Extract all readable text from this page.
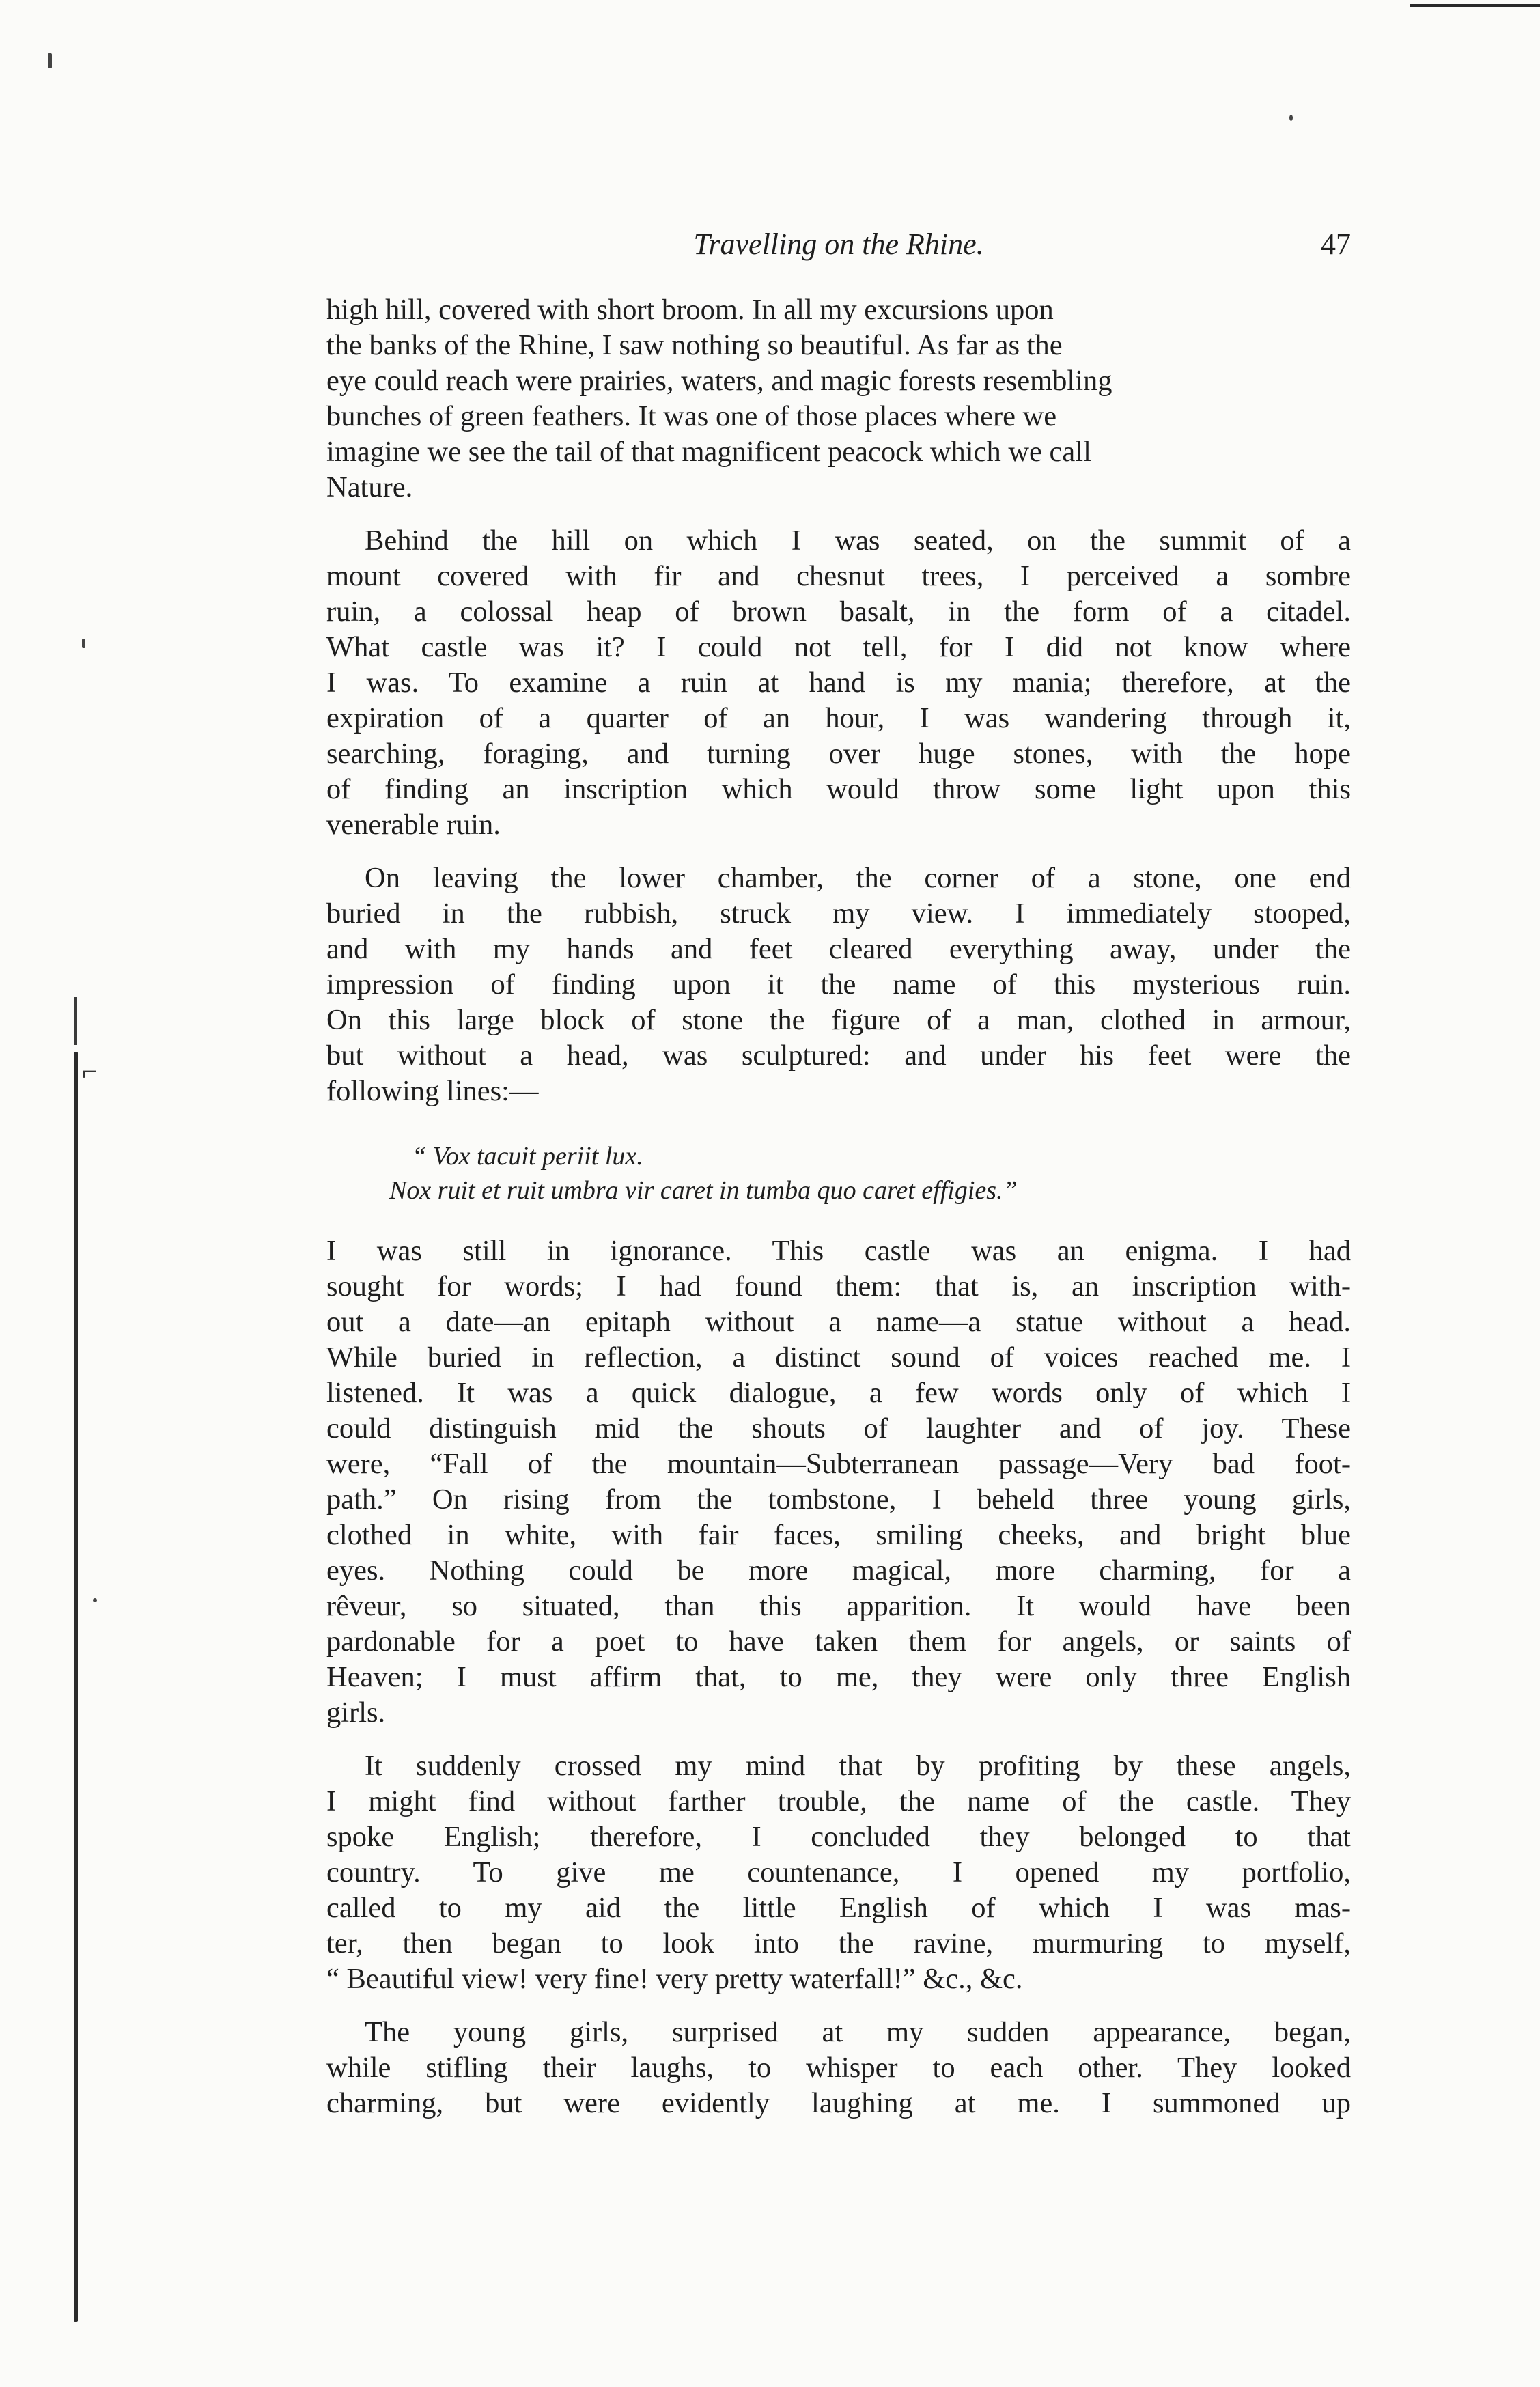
⌐
Travelling on the Rhine.	47
high hill, covered with short broom. In all my excursions upon
the banks of the Rhine, I saw nothing so beautiful. As far as the
eye could reach were prairies, waters, and magic forests resembling
bunches of green feathers. It was one of those places where we
imagine we see the tail of that magnificent peacock which we call
Nature.
Behind the hill on which I was seated, on the summit of a
mount covered with fir and chesnut trees, I perceived a sombre
ruin, a colossal heap of brown basalt, in the form of a citadel.
What castle was it? I could not tell, for I did not know where
I was. To examine a ruin at hand is my mania; therefore, at the
expiration of a quarter of an hour, I was wandering through it,
searching, foraging, and turning over huge stones, with the hope
of finding an inscription which would throw some light upon this
venerable ruin.
On leaving the lower chamber, the corner of a stone, one end
buried in the rubbish, struck my view. I immediately stooped,
and with my hands and feet cleared everything away, under the
impression of finding upon it the name of this mysterious ruin.
On this large block of stone the figure of a man, clothed in armour,
but without a head, was sculptured: and under his feet were the
following lines:—
“ Vox tacuit periit lux.
Nox ruit et ruit umbra vir caret in tumba quo caret effigies.”
I was still in ignorance. This castle was an enigma. I had
sought for words; I had found them: that is, an inscription with-
out a date—an epitaph without a name—a statue without a head.
While buried in reflection, a distinct sound of voices reached me. I
listened. It was a quick dialogue, a few words only of which I
could distinguish mid the shouts of laughter and of joy. These
were, “Fall of the mountain—Subterranean passage—Very bad foot-
path.” On rising from the tombstone, I beheld three young girls,
clothed in white, with fair faces, smiling cheeks, and bright blue
eyes. Nothing could be more magical, more charming, for a
rêveur, so situated, than this apparition. It would have been
pardonable for a poet to have taken them for angels, or saints of
Heaven; I must affirm that, to me, they were only three English
girls.
It suddenly crossed my mind that by profiting by these angels,
I might find without farther trouble, the name of the castle. They
spoke English; therefore, I concluded they belonged to that
country. To give me countenance, I opened my portfolio,
called to my aid the little English of which I was mas-
ter, then began to look into the ravine, murmuring to myself,
“ Beautiful view! very fine! very pretty waterfall!” &c., &c.
The young girls, surprised at my sudden appearance, began,
while stifling their laughs, to whisper to each other. They looked
charming, but were evidently laughing at me. I summoned up
